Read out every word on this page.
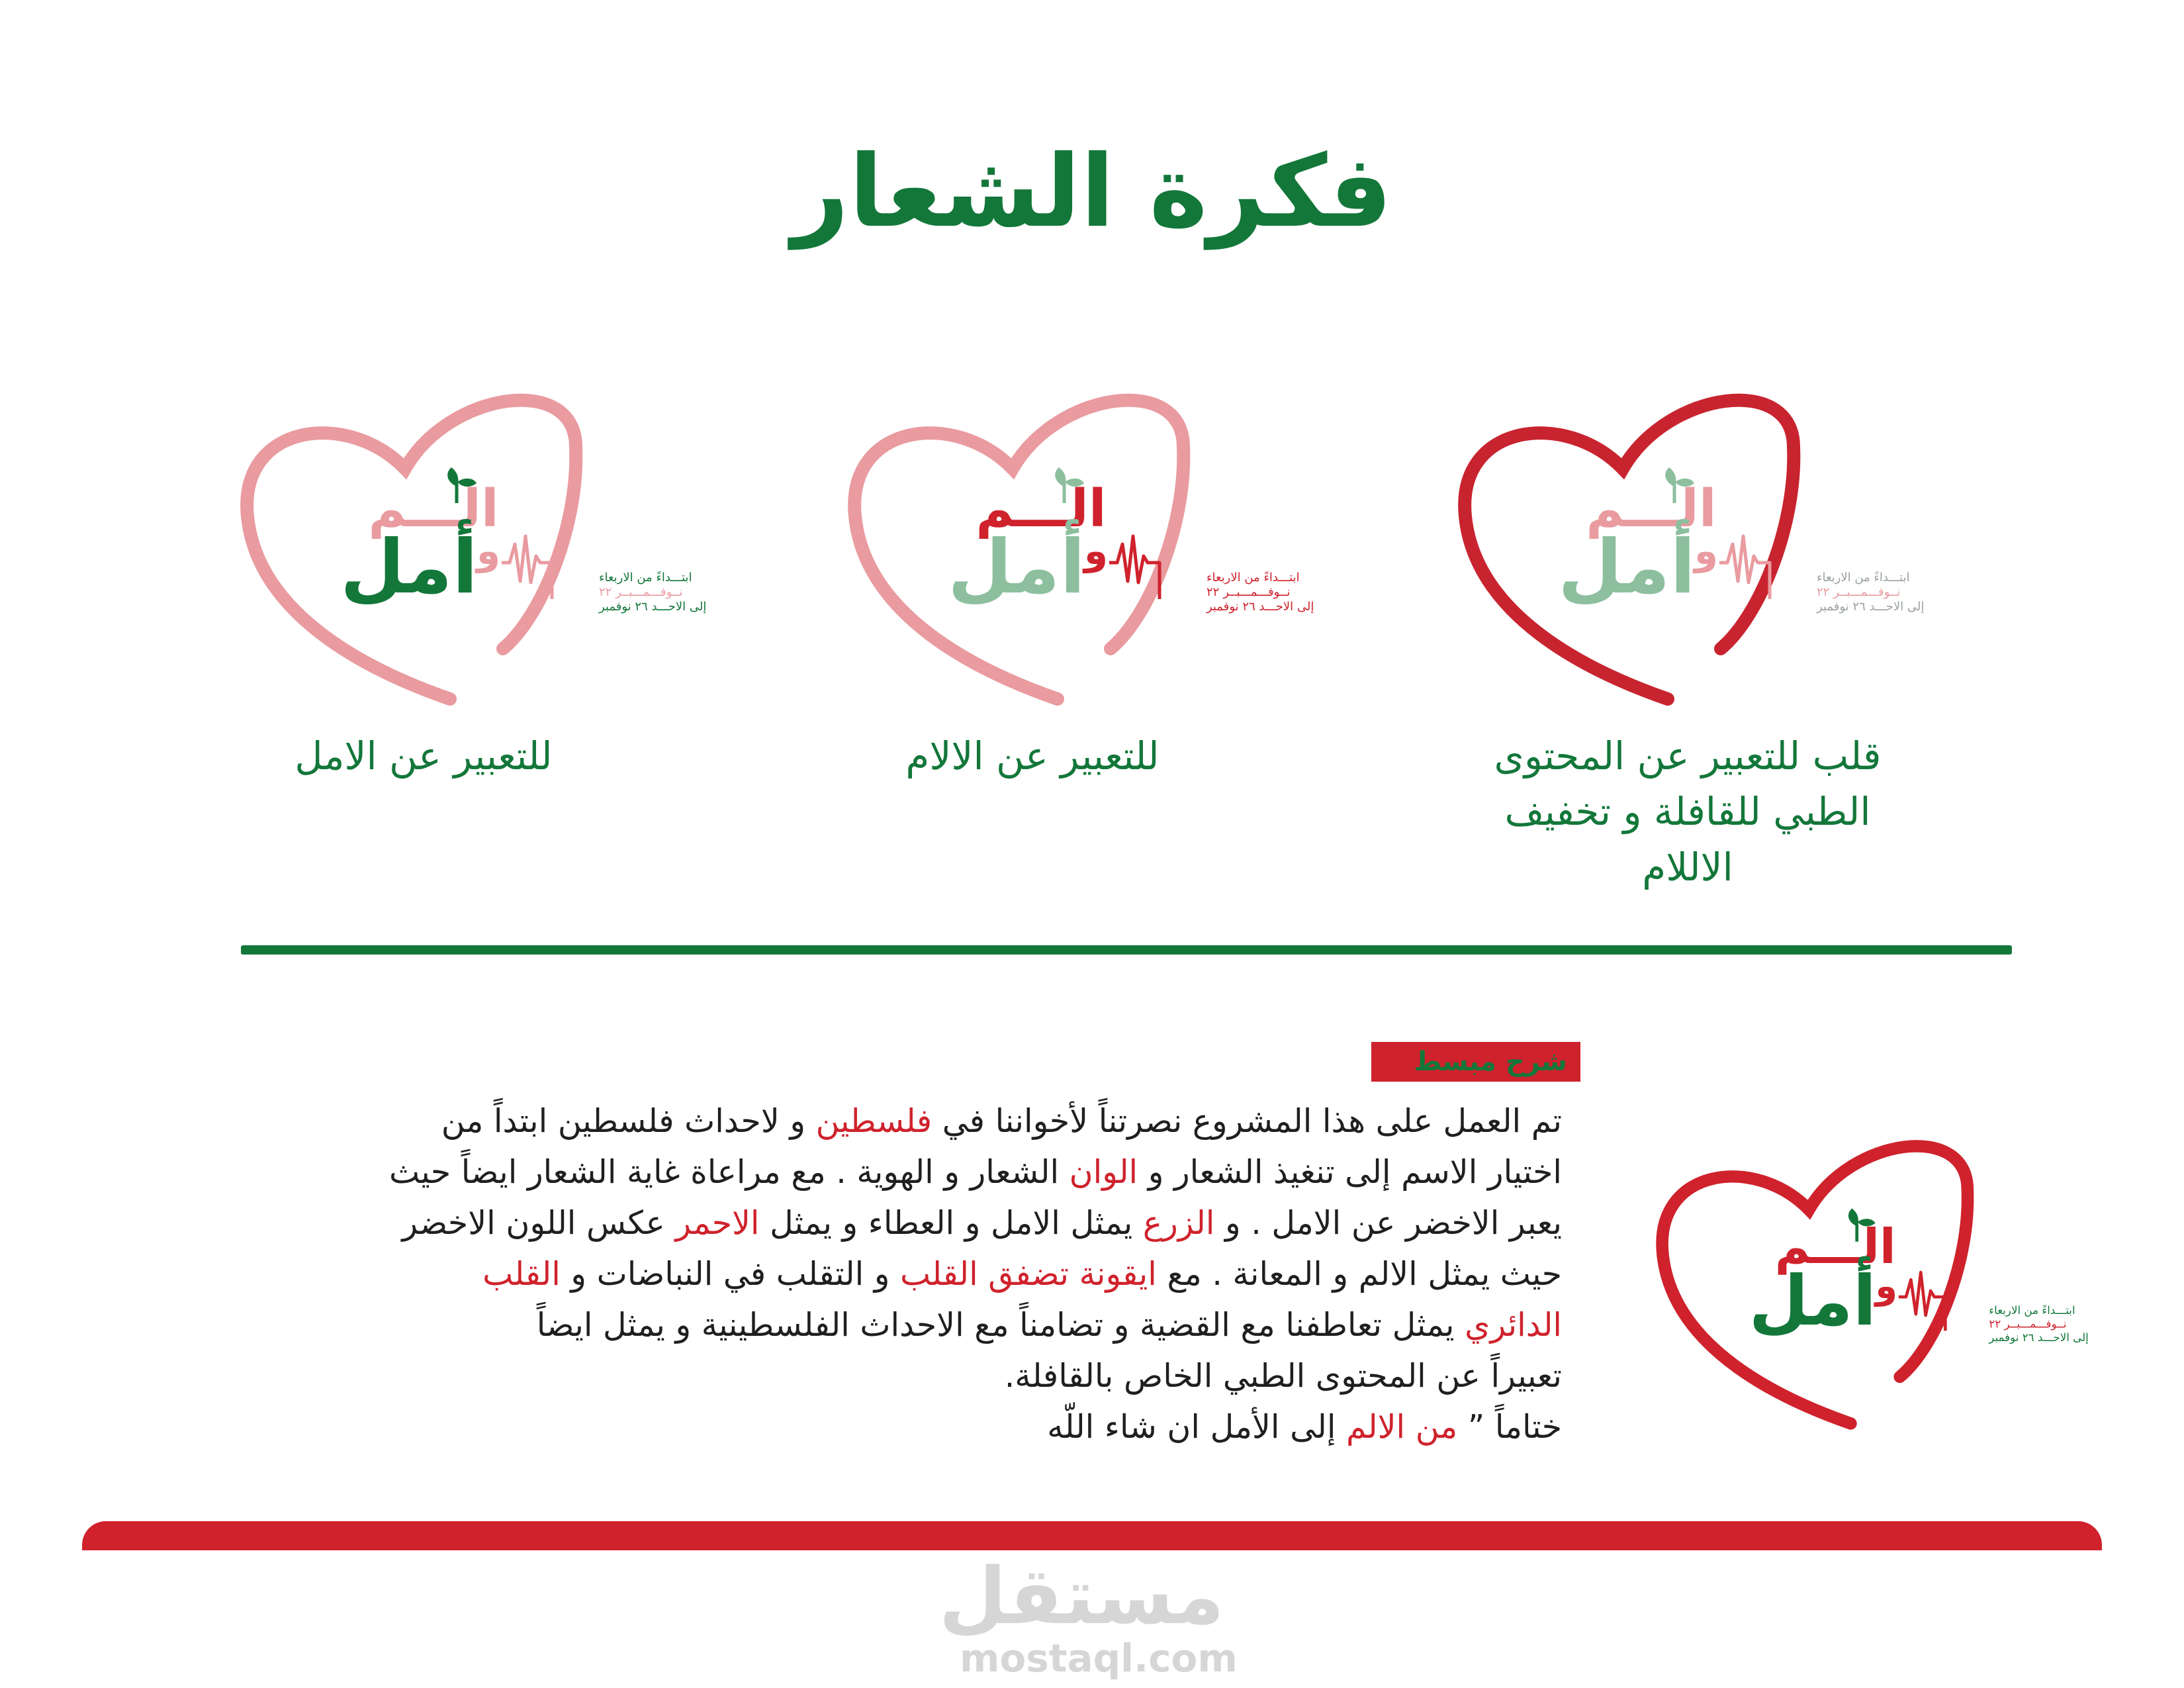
فكرة الشعار
الـــم
أمل
و
ابتـــداءً من الاربعاء
نــوفـــمـــبــر ٢٢
إلى الاحـــد ٢٦ نوفمبر
الـــم
أمل
و
ابتـــداءً من الاربعاء
نــوفـــمـــبــر ٢٢
إلى الاحـــد ٢٦ نوفمبر
الـــم
أمل
و
ابتـــداءً من الاربعاء
نــوفـــمـــبــر ٢٢
إلى الاحـــد ٢٦ نوفمبر
قلب للتعبير عن المحتوى
الطبي للقافلة و تخفيف
الاللام
للتعبير عن الالام
للتعبير عن الامل
شرح مبسط

تم العمل على هذا المشروع نصرتناً لأخواننا في فلسطين و لاحداث فلسطين ابتداً من

اختيار الاسم إلى تنغيذ الشعار و الوان الشعار و الهوية . مع مراعاة غاية الشعار ايضاً حيث

يعبر الاخضر عن الامل . و الزرع يمثل الامل و العطاء و يمثل الاحمر عكس اللون الاخضر

حيث يمثل الالم و المعانة . مع ايقونة تضفق القلب و التقلب في النباضات و القلب

الدائري يمثل تعاطفنا مع القضية و تضامناً مع الاحداث الفلسطينية و يمثل ايضاً

تعبيراً عن المحتوى الطبي الخاص بالقافلة.

ختاماً ” من الالم إلى الأمل ان شاء اللّه

الـــم
أمل
و
ابتـــداءً من الاربعاء
نــوفـــمـــبــر ٢٢
إلى الاحـــد ٢٦ نوفمبر
مستقل
mostaql.com
